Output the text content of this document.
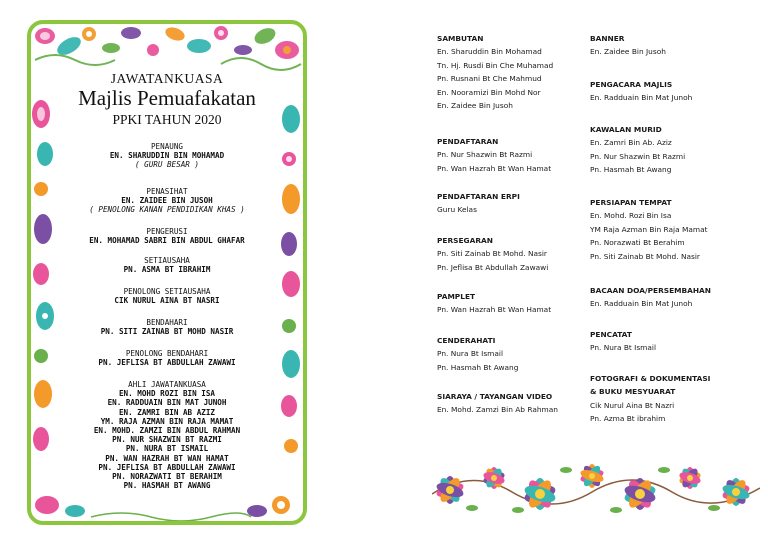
JAWATANKUASA
Majlis Pemuafakatan
PPKI TAHUN 2020
PENAUNG
EN. SHARUDDIN BIN MOHAMAD
( GURU BESAR )
PENASIHAT
EN. ZAIDEE BIN JUSOH
( PENOLONG KANAN PENDIDIKAN KHAS )
PENGERUSI
EN. MOHAMAD SABRI BIN ABDUL GHAFAR
SETIAUSAHA
PN. ASMA BT IBRAHIM
PENOLONG SETIAUSAHA
CIK NURUL AINA BT NASRI
BENDAHARI
PN. SITI ZAINAB BT MOHD NASIR
PENOLONG BENDAHARI
PN. JEFLISA BT ABDULLAH ZAWAWI
AHLI JAWATANKUASA
EN. MOHD ROZI BIN ISA
EN. RADDUAIN BIN MAT JUNOH
EN. ZAMRI BIN AB AZIZ
YM. RAJA AZMAN BIN RAJA MAMAT
EN. MOHD. ZAMZI BIN ABDUL RAHMAN
PN. NUR SHAZWIN BT RAZMI
PN. NURA BT ISMAIL
PN. WAN HAZRAH BT WAN HAMAT
PN. JEFLISA BT ABDULLAH ZAWAWI
PN. NORAZWATI BT BERAHIM
PN. HASMAH BT AWANG
SAMBUTAN
En. Sharuddin Bin Mohamad
Tn. Hj. Rusdi Bin Che Muhamad
Pn. Rusnani Bt Che Mahmud
En. Nooramizi Bin Mohd Nor
En. Zaidee Bin Jusoh
PENDAFTARAN
Pn. Nur Shazwin Bt Razmi
Pn. Wan Hazrah Bt Wan Hamat
PENDAFTARAN ERPI
Guru Kelas
PERSEGARAN
Pn. Siti Zainab Bt Mohd. Nasir
Pn. Jeflisa Bt Abdullah Zawawi
PAMPLET
Pn. Wan Hazrah Bt Wan Hamat
CENDERAHATI
Pn. Nura Bt Ismail
Pn. Hasmah Bt Awang
SIARAYA / TAYANGAN VIDEO
En. Mohd. Zamzi Bin Ab Rahman
BANNER
En. Zaidee Bin Jusoh
PENGACARA MAJLIS
En. Radduain Bin Mat Junoh
KAWALAN MURID
En. Zamri Bin Ab. Aziz
Pn. Nur Shazwin Bt Razmi
Pn. Hasmah Bt Awang
PERSIAPAN TEMPAT
En. Mohd. Rozi Bin Isa
YM Raja Azman Bin Raja Mamat
Pn. Norazwati Bt Berahim
Pn. Siti Zainab Bt Mohd. Nasir
BACAAN DOA/PERSEMBAHAN
En. Radduain Bin Mat Junoh
PENCATAT
Pn. Nura Bt Ismail
FOTOGRAFI & DOKUMENTASI
& BUKU MESYUARAT
Cik Nurul Aina Bt Nazri
Pn. Azma Bt ibrahim
